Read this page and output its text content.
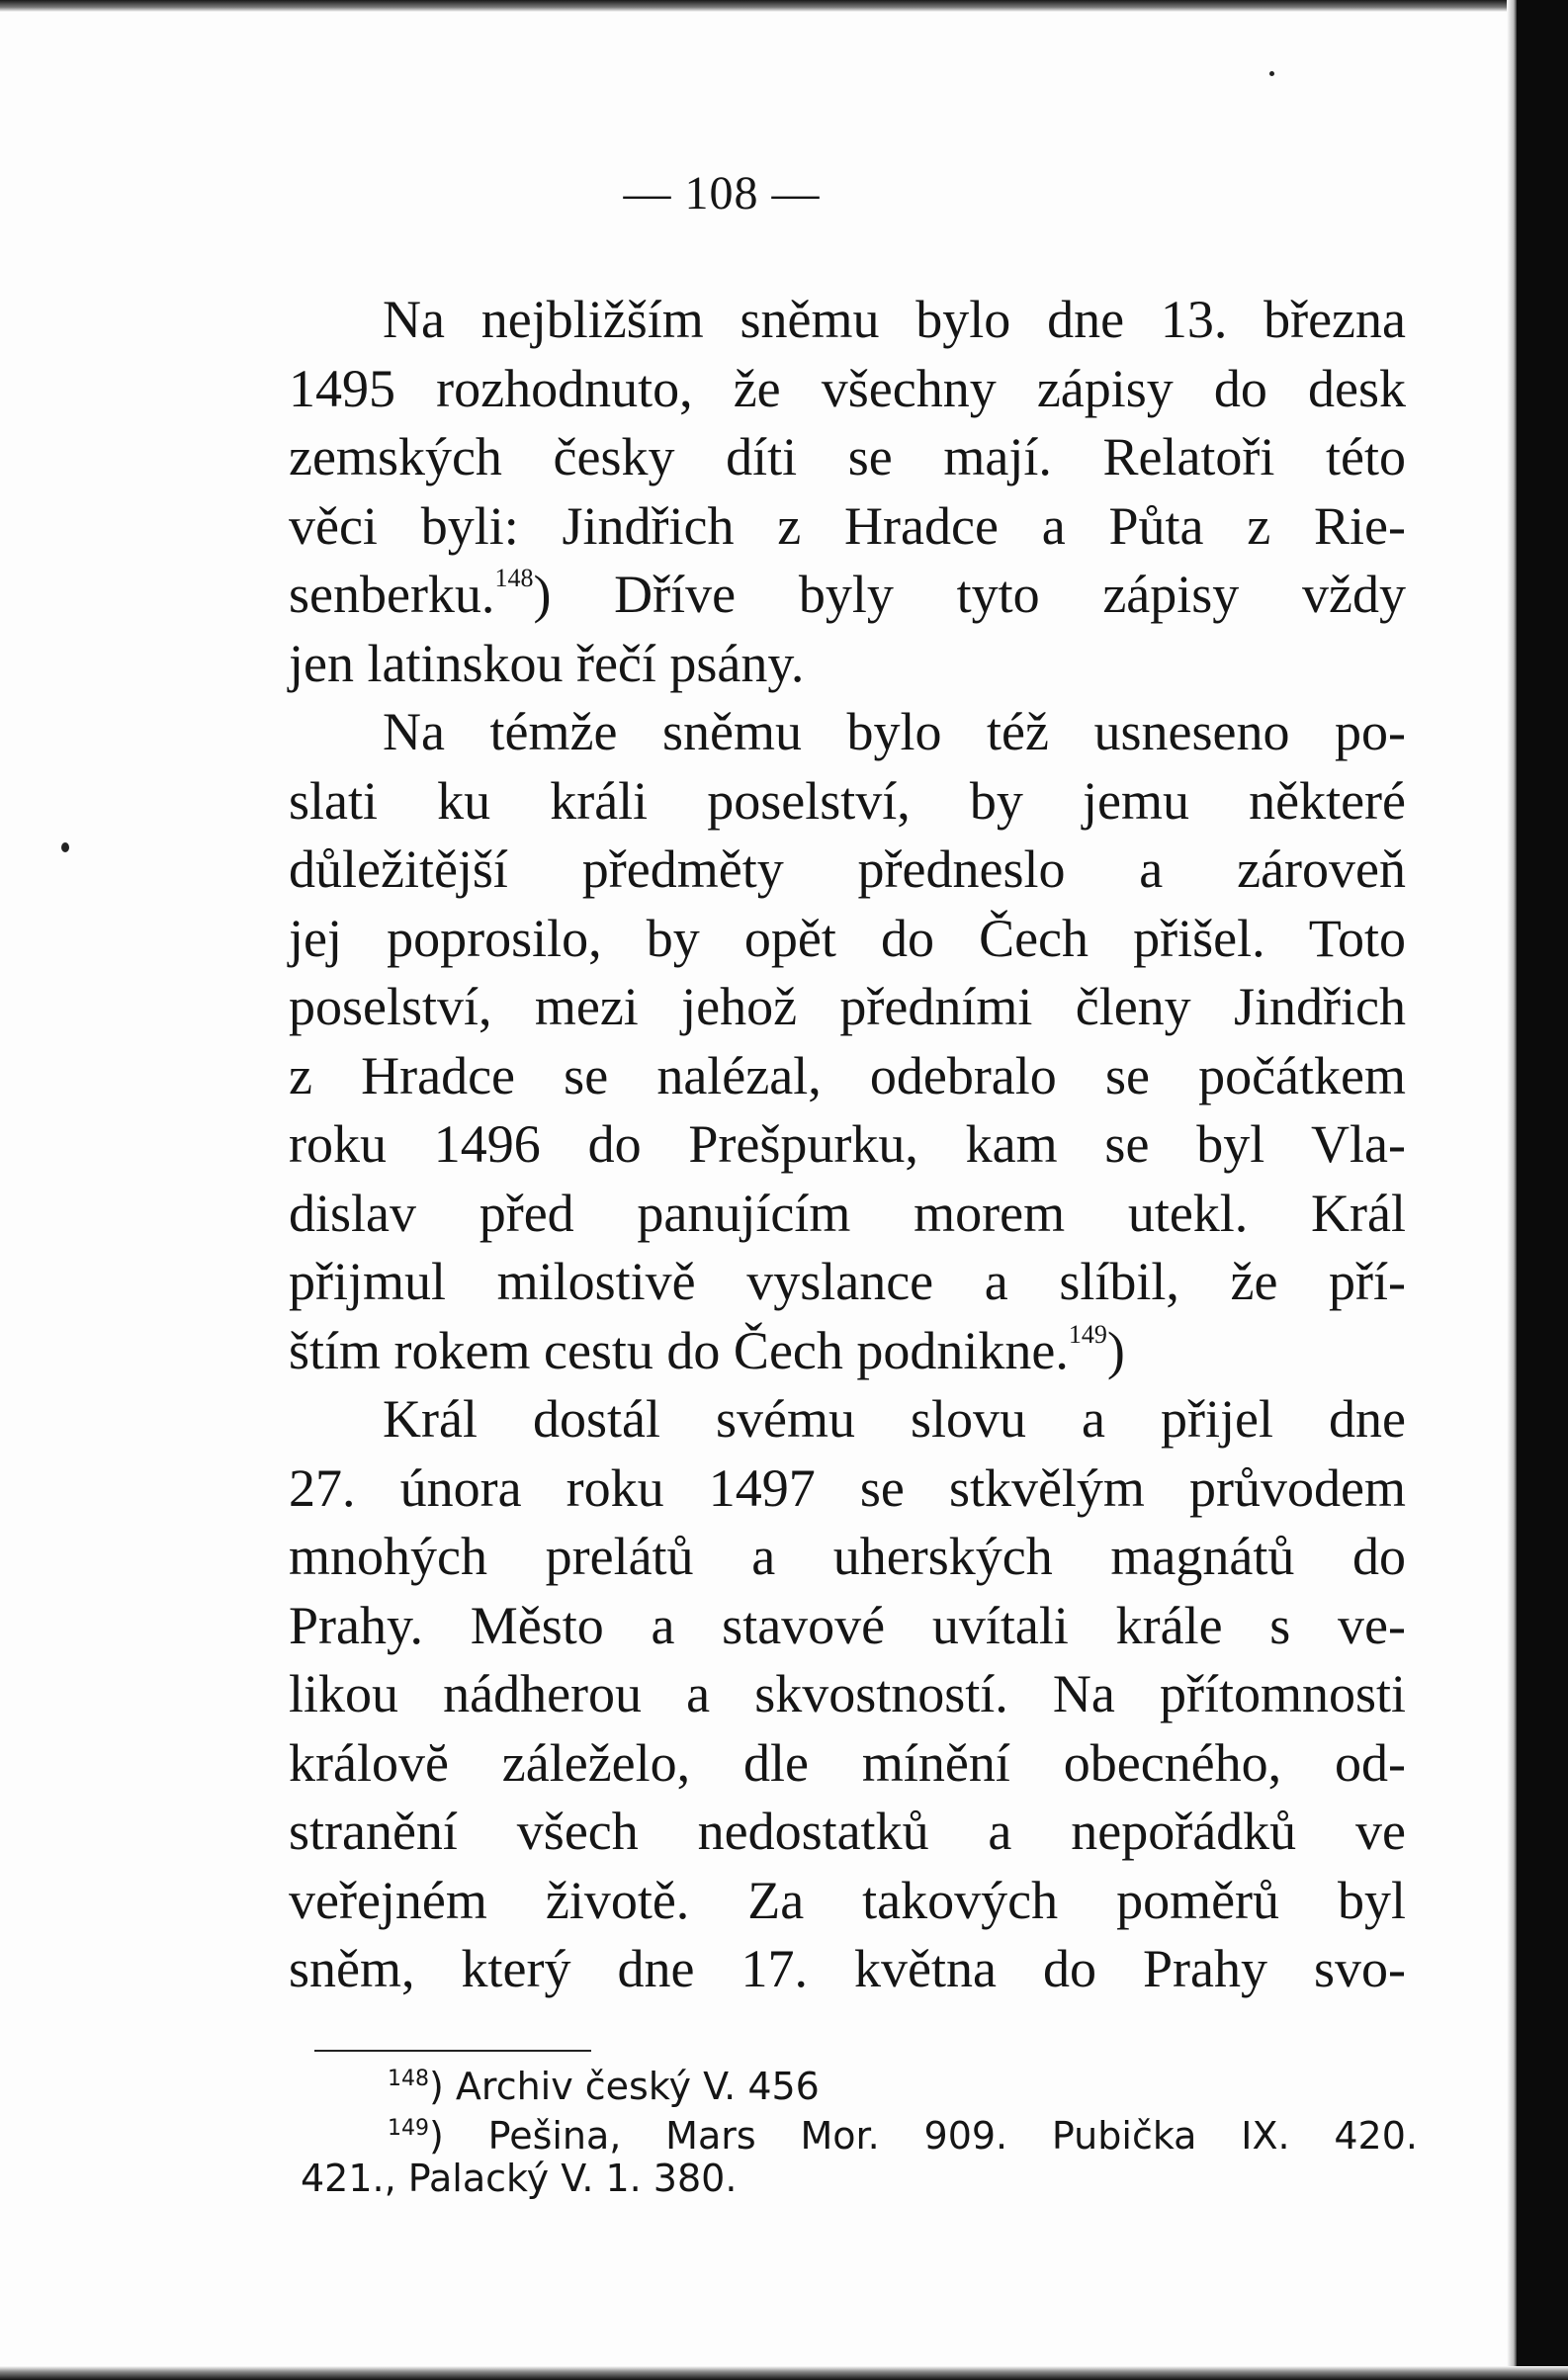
— 108 —
Na nejbližším sněmu bylo dne 13. března
1495 rozhodnuto, že všechny zápisy do desk
zemských česky díti se mají. Relatoři této
věci byli: Jindřich z Hradce a Půta z Rie-
senberku.$^{148}$) Dříve byly tyto zápisy vždy
jen latinskou řečí psány.
Na témže sněmu bylo též usneseno po-
slati ku králi poselství, by jemu některé
důležitější předměty předneslo a zároveň
jej poprosilo, by opět do Čech přišel. Toto
poselství, mezi jehož předními členy Jindřich
z Hradce se nalézal, odebralo se počátkem
roku 1496 do Prešpurku, kam se byl Vla-
dislav před panujícím morem utekl. Král
přijmul milostivě vyslance a slíbil, že pří-
štím rokem cestu do Čech podnikne.$^{149}$)
Král dostál svému slovu a přijel dne
27. února roku 1497 se stkvělým průvodem
mnohých prelátů a uherských magnátů do
Prahy. Město a stavové uvítali krále s ve-
likou nádherou a skvostností. Na přítomnosti
královĕ záleželo, dle mínění obecného, od-
stranění všech nedostatků a nepořádků ve
veřejném životě. Za takových poměrů byl
sněm, který dne 17. května do Prahy svo-
$^{148}$) Archiv český V. 456
$^{149}$) Pešina, Mars Mor. 909. Pubička IX. 420.
421., Palacký V. 1. 380.
